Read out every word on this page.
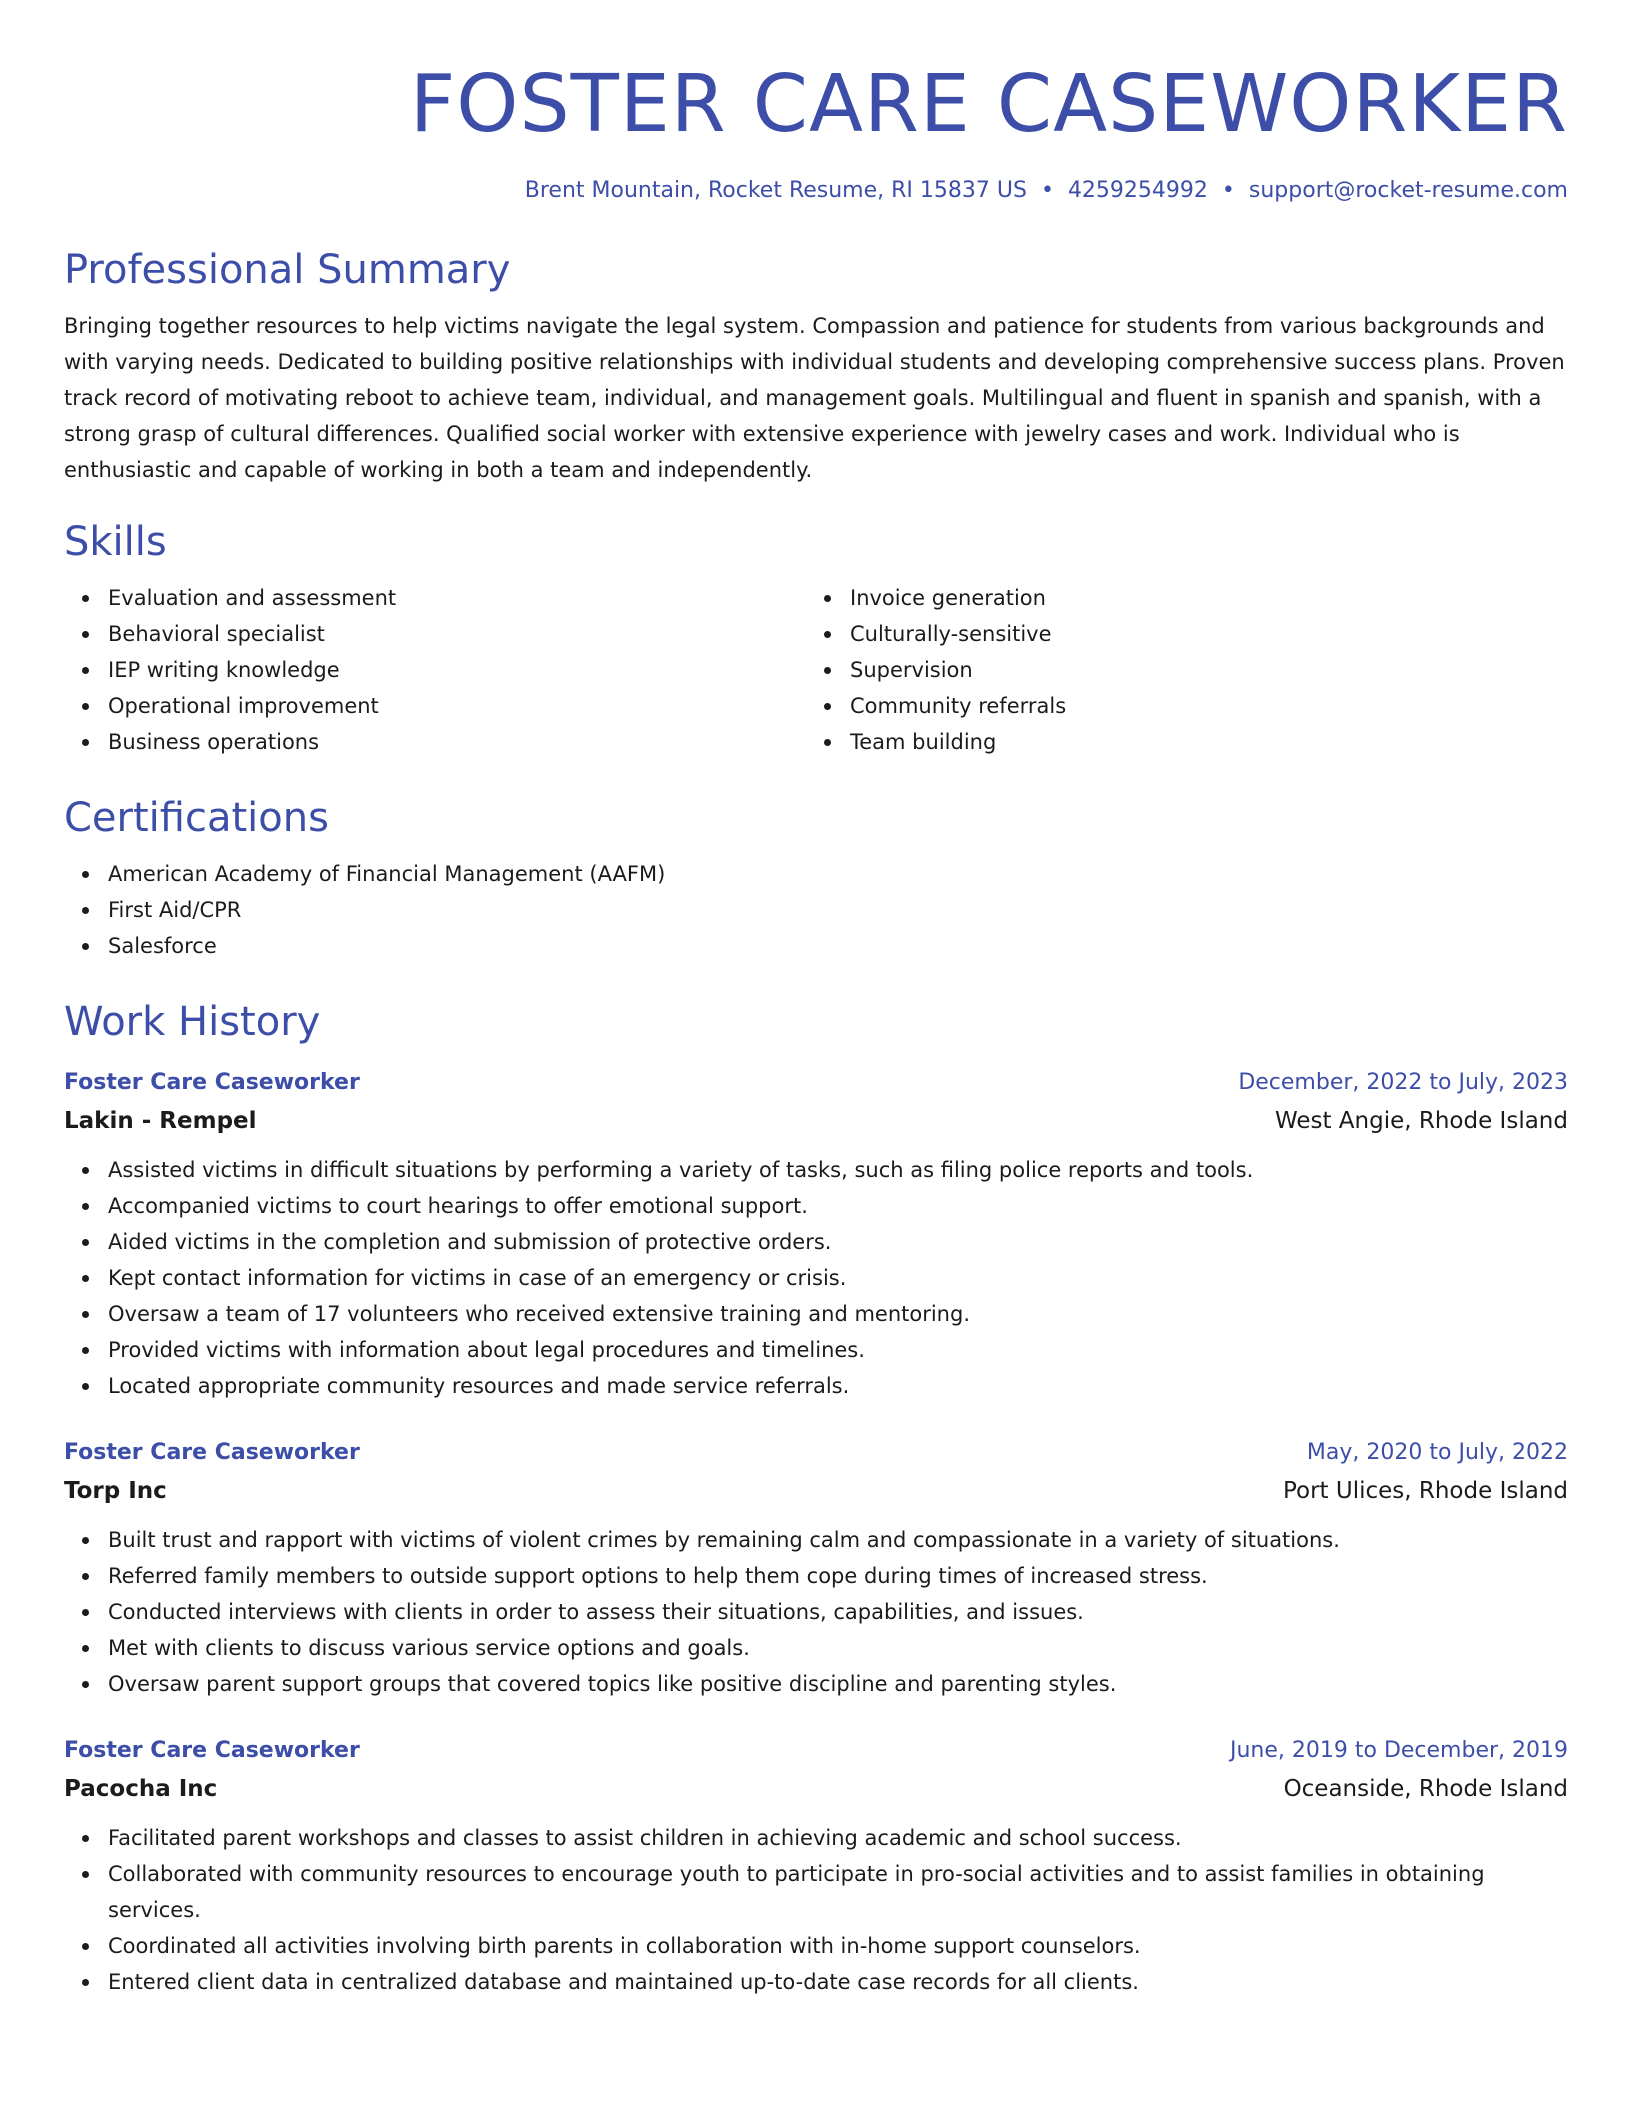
FOSTER CARE CASEWORKER
Brent Mountain, Rocket Resume, RI 15837 US • 4259254992 • support@rocket-resume.com
Professional Summary

Bringing together resources to help victims navigate the legal system. Compassion and patience for students from various backgrounds and with varying needs. Dedicated to building positive relationships with individual students and developing comprehensive success plans. Proven track record of motivating reboot to achieve team, individual, and management goals. Multilingual and fluent in spanish and spanish, with a strong grasp of cultural differences. Qualified social worker with extensive experience with jewelry cases and work. Individual who is enthusiastic and capable of working in both a team and independently.

Skills
Evaluation and assessment
Behavioral specialist
IEP writing knowledge
Operational improvement
Business operations
Invoice generation
Culturally-sensitive
Supervision
Community referrals
Team building
Certifications
American Academy of Financial Management (AAFM)
First Aid/CPR
Salesforce
Work History
Foster Care Caseworker	December, 2022 to July, 2023
Lakin - Rempel	West Angie, Rhode Island
Assisted victims in difficult situations by performing a variety of tasks, such as filing police reports and tools.
Accompanied victims to court hearings to offer emotional support.
Aided victims in the completion and submission of protective orders.
Kept contact information for victims in case of an emergency or crisis.
Oversaw a team of 17 volunteers who received extensive training and mentoring.
Provided victims with information about legal procedures and timelines.
Located appropriate community resources and made service referrals.
Foster Care Caseworker	May, 2020 to July, 2022
Torp Inc	Port Ulices, Rhode Island
Built trust and rapport with victims of violent crimes by remaining calm and compassionate in a variety of situations.
Referred family members to outside support options to help them cope during times of increased stress.
Conducted interviews with clients in order to assess their situations, capabilities, and issues.
Met with clients to discuss various service options and goals.
Oversaw parent support groups that covered topics like positive discipline and parenting styles.
Foster Care Caseworker	June, 2019 to December, 2019
Pacocha Inc	Oceanside, Rhode Island
Facilitated parent workshops and classes to assist children in achieving academic and school success.
Collaborated with community resources to encourage youth to participate in pro-social activities and to assist families in obtaining services.
Coordinated all activities involving birth parents in collaboration with in-home support counselors.
Entered client data in centralized database and maintained up-to-date case records for all clients.
